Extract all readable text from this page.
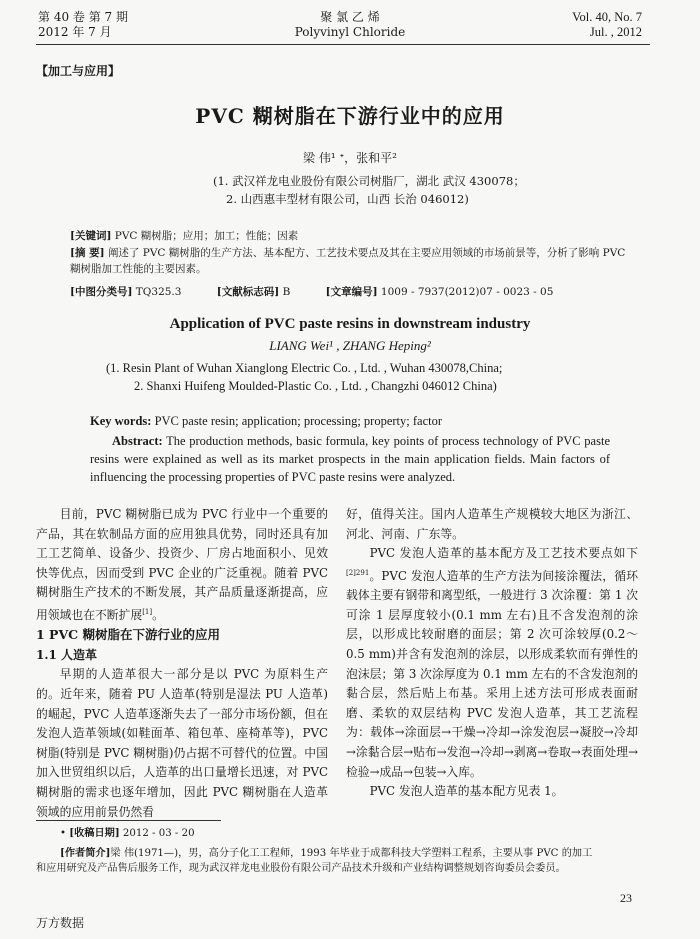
第 40 卷 第 7 期
2012 年 7 月
聚 氯 乙 烯
Polyvinyl Chloride
Vol. 40, No. 7
Jul. , 2012
【加工与应用】
PVC 糊树脂在下游行业中的应用
梁 伟¹ ᐩ，张和平²
(1. 武汉祥龙电业股份有限公司树脂厂，湖北 武汉 430078；
2. 山西惠丰型材有限公司，山西 长治 046012)
[关键词] PVC 糊树脂；应用；加工；性能；因素
[摘 要] 阐述了 PVC 糊树脂的生产方法、基本配方、工艺技术要点及其在主要应用领域的市场前景等，分析了影响 PVC 糊树脂加工性能的主要因素。
[中图分类号] TQ325.3	[文献标志码] B	[文章编号] 1009 - 7937(2012)07 - 0023 - 05
Application of PVC paste resins in downstream industry
LIANG Wei¹ , ZHANG Heping²
(1. Resin Plant of Wuhan Xianglong Electric Co. , Ltd. , Wuhan 430078,China;
2. Shanxi Huifeng Moulded-Plastic Co. , Ltd. , Changzhi 046012 China)
Key words: PVC paste resin; application; processing; property; factor
Abstract: The production methods, basic formula, key points of process technology of PVC paste resins were explained as well as its market prospects in the main application fields. Main factors of influencing the processing properties of PVC paste resins were analyzed.

目前，PVC 糊树脂已成为 PVC 行业中一个重要的产品，其在软制品方面的应用独具优势，同时还具有加工工艺简单、设备少、投资少、厂房占地面积小、见效快等优点，因而受到 PVC 企业的广泛重视。随着 PVC 糊树脂生产技术的不断发展，其产品质量逐渐提高，应用领域也在不断扩展[1]。

1 PVC 糊树脂在下游行业的应用
1.1 人造革

早期的人造革很大一部分是以 PVC 为原料生产的。近年来，随着 PU 人造革(特别是湿法 PU 人造革)的崛起，PVC 人造革逐渐失去了一部分市场份额，但在发泡人造革领域(如鞋面革、箱包革、座椅革等)，PVC 树脂(特别是 PVC 糊树脂)仍占据不可替代的位置。中国加入世贸组织以后，人造革的出口量增长迅速，对 PVC 糊树脂的需求也逐年增加，因此 PVC 糊树脂在人造革领域的应用前景仍然看

好，值得关注。国内人造革生产规模较大地区为浙江、河北、河南、广东等。

PVC 发泡人造革的基本配方及工艺技术要点如下$^{[2]291}$。PVC 发泡人造革的生产方法为间接涂覆法，循环载体主要有钢带和离型纸，一般进行 3 次涂覆：第 1 次可涂 1 层厚度较小(0.1 mm 左右)且不含发泡剂的涂层，以形成比较耐磨的面层；第 2 次可涂较厚(0.2～0.5 mm)并含有发泡剂的涂层，以形成柔软而有弹性的泡沫层；第 3 次涂厚度为 0.1 mm 左右的不含发泡剂的黏合层，然后贴上布基。采用上述方法可形成表面耐磨、柔软的双层结构 PVC 发泡人造革，其工艺流程为：载体→涂面层→干燥→冷却→涂发泡层→凝胶→冷却→涂黏合层→贴布→发泡→冷却→剥离→卷取→表面处理→检验→成品→包装→入库。

PVC 发泡人造革的基本配方见表 1。

• [收稿日期] 2012 - 03 - 20
[作者简介]梁 伟(1971—)，男，高分子化工工程师，1993 年毕业于成都科技大学塑料工程系，主要从事 PVC 的加工
和应用研究及产品售后服务工作，现为武汉祥龙电业股份有限公司产品技术升级和产业结构调整规划咨询委员会委员。
23
万方数据
